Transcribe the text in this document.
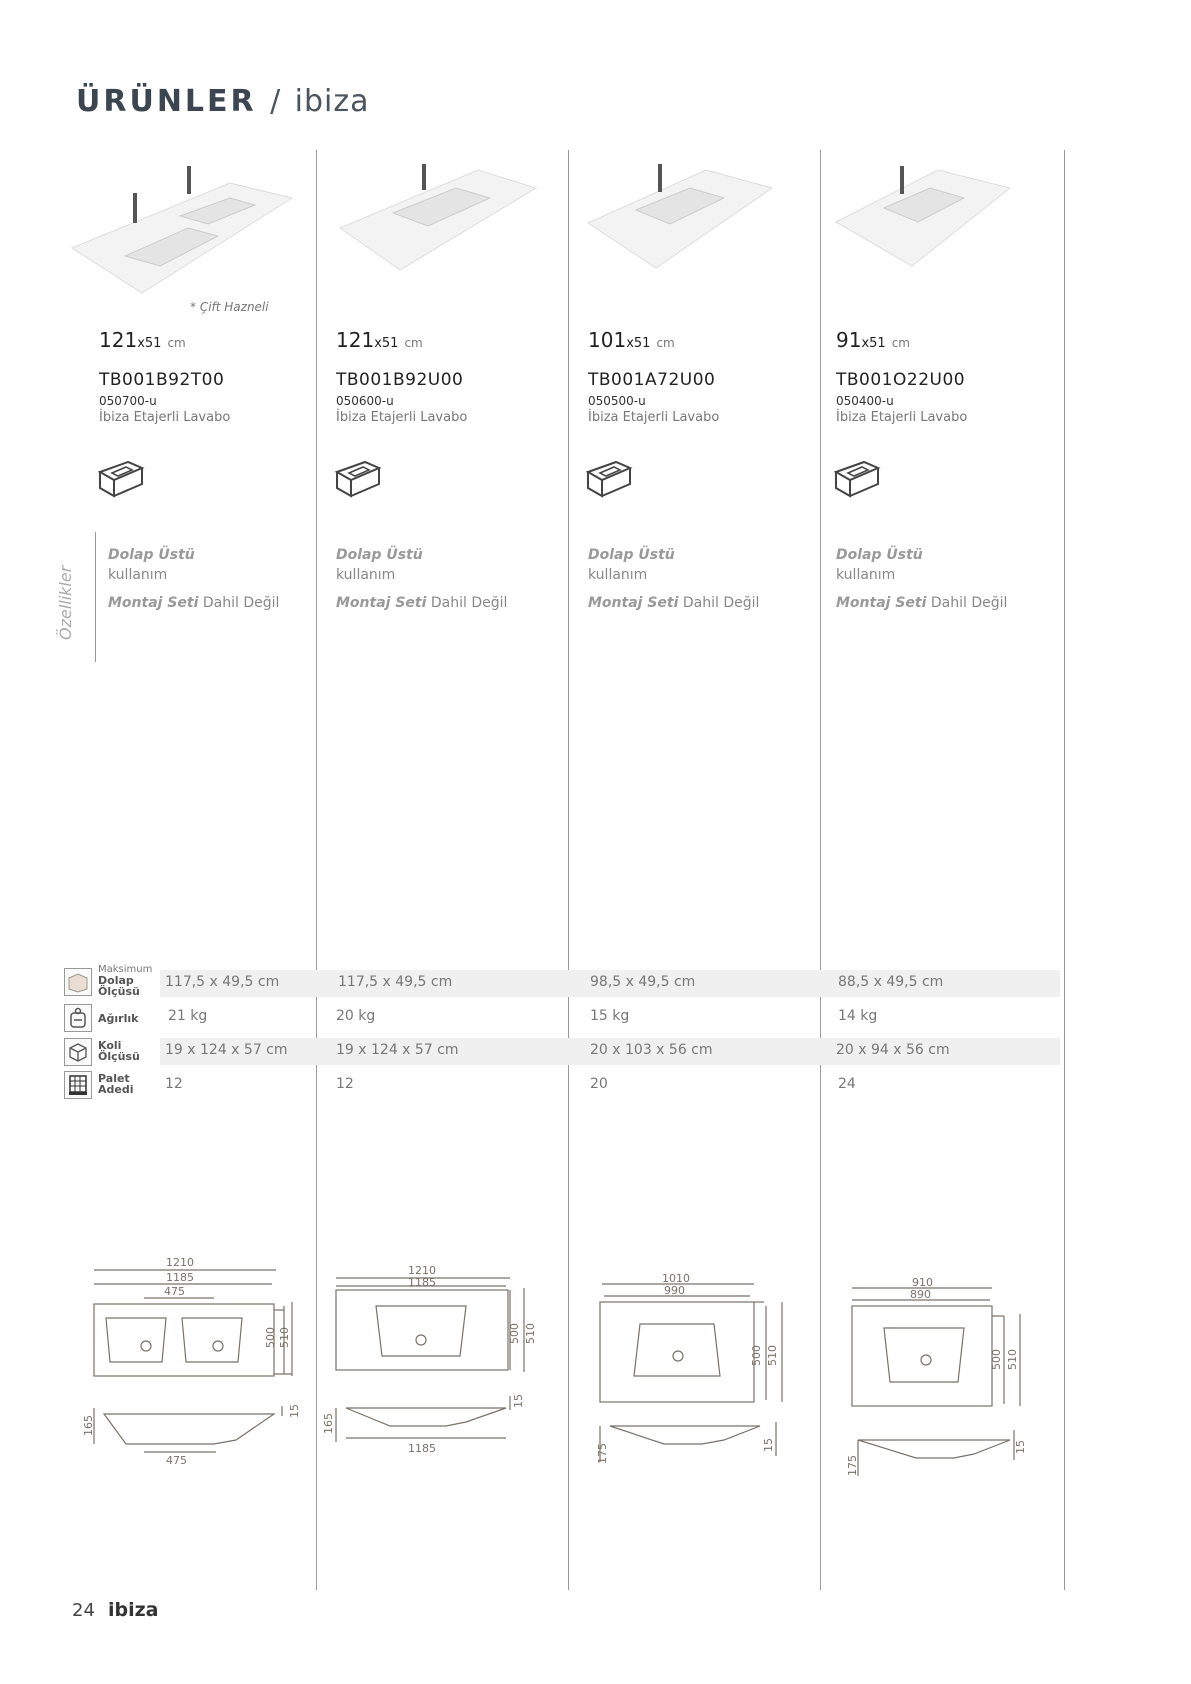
ÜRÜNLER / ibiza
Özellikler
Maksimum
Dolap
Ölçüsü
Ağırlık
Koli
Ölçüsü
Palet
Adedi
* Çift Hazneli
121x51 cm
TB001B92T00
050700-u
İbiza Etajerli Lavabo
Dolap Üstü
kullanım
Montaj Seti Dahil Değil
117,5 x 49,5 cm
21 kg
19 x 124 x 57 cm
12
1210
1185
475
500 510
165
15
475
121x51 cm
TB001B92U00
050600-u
İbiza Etajerli Lavabo
Dolap Üstü
kullanım
Montaj Seti Dahil Değil
117,5 x 49,5 cm
20 kg
19 x 124 x 57 cm
12
1210
1185
500 510
165
15
1185
101x51 cm
TB001A72U00
050500-u
İbiza Etajerli Lavabo
Dolap Üstü
kullanım
Montaj Seti Dahil Değil
98,5 x 49,5 cm
15 kg
20 x 103 x 56 cm
20
1010
990
500 510
175	15
91x51 cm
TB001O22U00
050400-u
İbiza Etajerli Lavabo
Dolap Üstü
kullanım
Montaj Seti Dahil Değil
88,5 x 49,5 cm
14 kg
20 x 94 x 56 cm
24
910
890
500 510
175
15
24 ibiza
